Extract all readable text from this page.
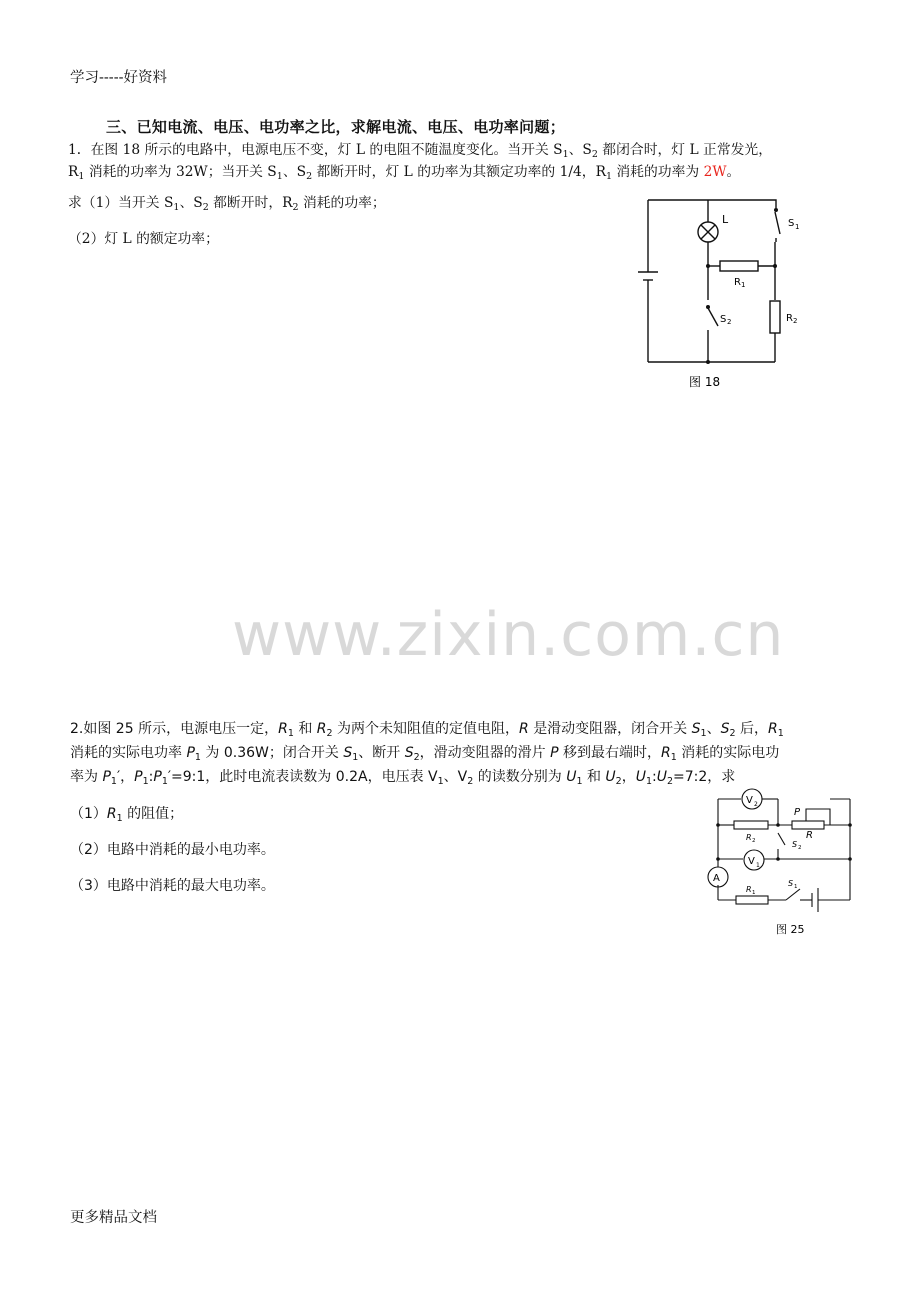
学习-----好资料
三、已知电流、电压、电功率之比，求解电流、电压、电功率问题；
1．在图 18 所示的电路中，电源电压不变，灯 L 的电阻不随温度变化。当开关 $S_1$、$S_2$ 都闭合时，灯 L 正常发光，
$R_1$ 消耗的功率为 32W；当开关 $S_1$、$S_2$ 都断开时，灯 L 的功率为其额定功率的 1/4，$R_1$ 消耗的功率为 2W。
求（1）当开关 $S_1$、$S_2$ 都断开时，$R_2$ 消耗的功率；
（2）灯 L 的额定功率；
L	S 1
R 1
R 2
S 2
图 18
www.zixin.com.cn
2.如图 25 所示，电源电压一定，$R_1$ 和 $R_2$ 为两个未知阻值的定值电阻，R 是滑动变阻器，闭合开关 $S_1$、$S_2$ 后，$R_1$
消耗的实际电功率 $P_1$ 为 0.36W；闭合开关 $S_1$、断开 $S_2$，滑动变阻器的滑片 P 移到最右端时，$R_1$ 消耗的实际电功
率为 $P_1'$，$P_1:P_1'=9:1$，此时电流表读数为 0.2A，电压表 $V_1$、$V_2$ 的读数分别为 $U_1$ 和 $U_2$，$U_1:U_2=7:2$，求
$(1)R_1$ 的阻值；
（2）电路中消耗的最小电功率。
（3）电路中消耗的最大电功率。
V 2
V 1
A
P
R
R 2	S 2
R 1
S 1
图 25
更多精品文档
